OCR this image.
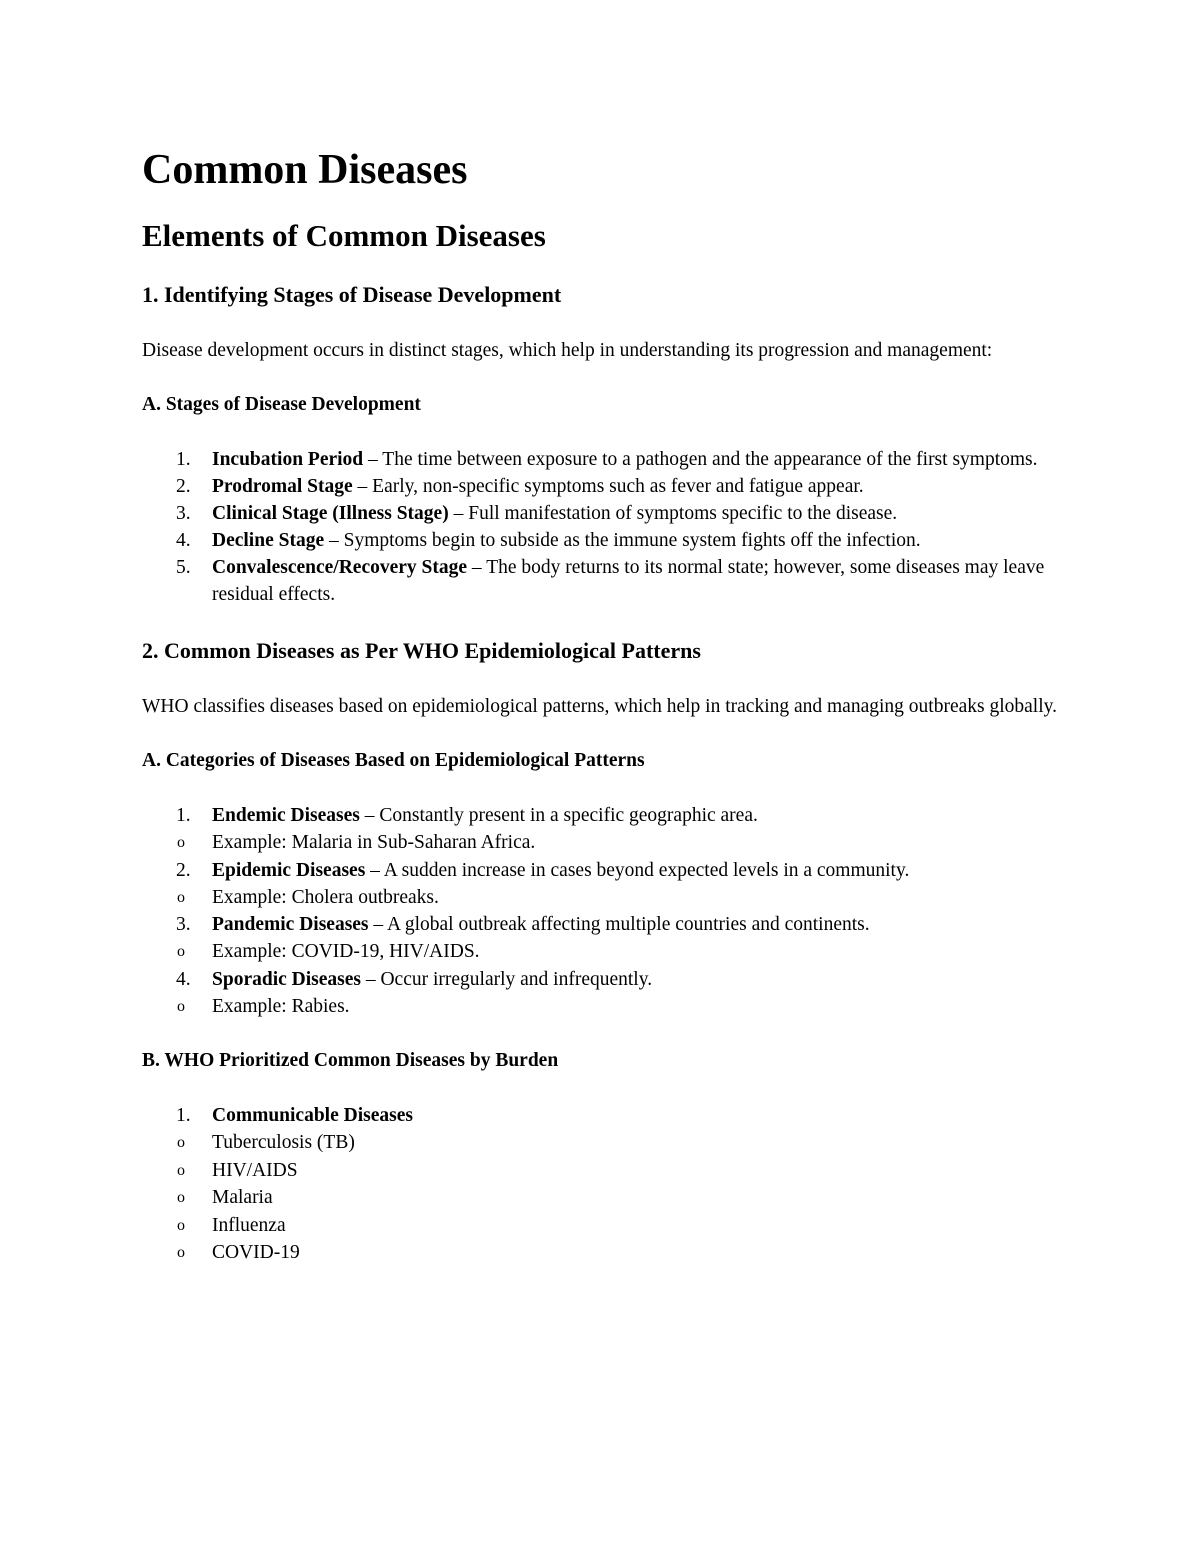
Common Diseases
Elements of Common Diseases
1. Identifying Stages of Disease Development

Disease development occurs in distinct stages, which help in understanding its progression and management:

A. Stages of Disease Development
1. Incubation Period – The time between exposure to a pathogen and the appearance of the first symptoms.
2. Prodromal Stage – Early, non-specific symptoms such as fever and fatigue appear.
3. Clinical Stage (Illness Stage) – Full manifestation of symptoms specific to the disease.
4. Decline Stage – Symptoms begin to subside as the immune system fights off the infection.
5. Convalescence/Recovery Stage – The body returns to its normal state; however, some diseases may leave residual effects.
2. Common Diseases as Per WHO Epidemiological Patterns

WHO classifies diseases based on epidemiological patterns, which help in tracking and managing outbreaks globally.

A. Categories of Diseases Based on Epidemiological Patterns
1. Endemic Diseases – Constantly present in a specific geographic area.
o Example: Malaria in Sub-Saharan Africa.
2. Epidemic Diseases – A sudden increase in cases beyond expected levels in a community.
o Example: Cholera outbreaks.
3. Pandemic Diseases – A global outbreak affecting multiple countries and continents.
o Example: COVID-19, HIV/AIDS.
4. Sporadic Diseases – Occur irregularly and infrequently.
o Example: Rabies.
B. WHO Prioritized Common Diseases by Burden
1. Communicable Diseases
o Tuberculosis (TB)
o HIV/AIDS
o Malaria
o Influenza
o COVID-19
